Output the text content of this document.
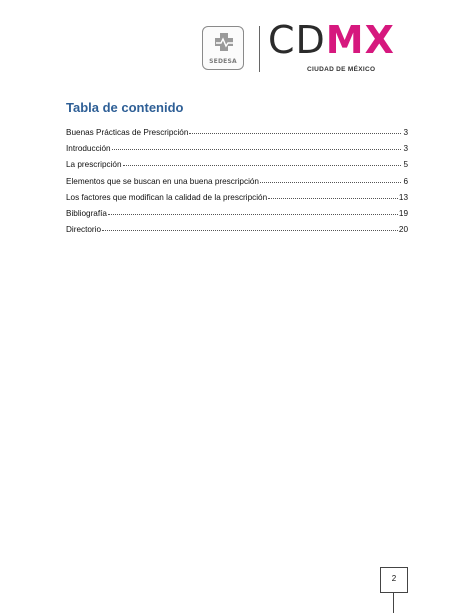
SEDESA CDMX
CIUDAD DE MÉXICO
Tabla de contenido
Buenas Prácticas de Prescripción	3
Introducción	3
La prescripción	5
Elementos que se buscan en una buena prescripción	6
Los factores que modifican la calidad de la prescripción	13
Bibliografía	19
Directorio	20
2
